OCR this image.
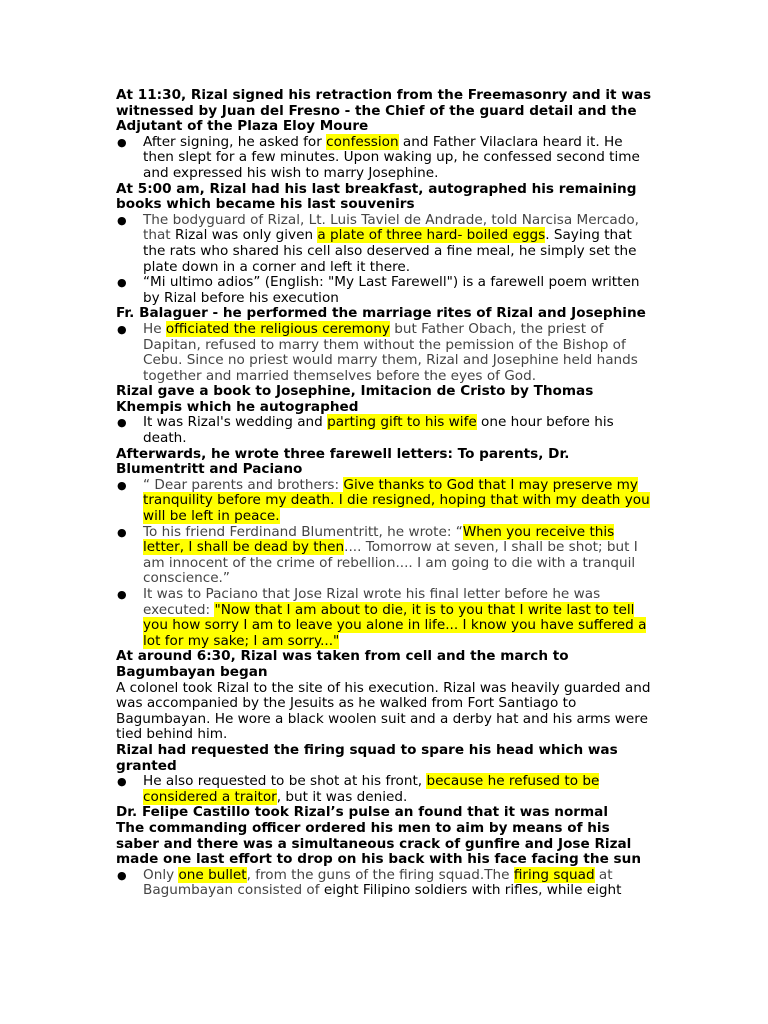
At 11:30, Rizal signed his retraction from the Freemasonry and it was witnessed by Juan del Fresno - the Chief of the guard detail and the Adjutant of the Plaza Eloy Moure

● After signing, he asked for confession and Father Vilaclara heard it. He then slept for a few minutes. Upon waking up, he confessed second time and expressed his wish to marry Josephine.

At 5:00 am, Rizal had his last breakfast, autographed his remaining books which became his last souvenirs

● The bodyguard of Rizal, Lt. Luis Taviel de Andrade, told Narcisa Mercado, that Rizal was only given a plate of three hard- boiled eggs. Saying that the rats who shared his cell also deserved a fine meal, he simply set the plate down in a corner and left it there.
● “Mi ultimo adios” (English: "My Last Farewell") is a farewell poem written by Rizal before his execution

Fr. Balaguer - he performed the marriage rites of Rizal and Josephine

● He officiated the religious ceremony but Father Obach, the priest of Dapitan, refused to marry them without the pemission of the Bishop of Cebu. Since no priest would marry them, Rizal and Josephine held hands together and married themselves before the eyes of God.

Rizal gave a book to Josephine, Imitacion de Cristo by Thomas Khempis which he autographed

● It was Rizal's wedding and parting gift to his wife one hour before his death.

Afterwards, he wrote three farewell letters: To parents, Dr. Blumentritt and Paciano

● “ Dear parents and brothers: Give thanks to God that I may preserve my tranquility before my death. I die resigned, hoping that with my death you will be left in peace.
● To his friend Ferdinand Blumentritt, he wrote: “When you receive this letter, I shall be dead by then.... Tomorrow at seven, I shall be shot; but I am innocent of the crime of rebellion.... I am going to die with a tranquil conscience.”
● It was to Paciano that Jose Rizal wrote his final letter before he was executed: "Now that I am about to die, it is to you that I write last to tell you how sorry I am to leave you alone in life... I know you have suffered a lot for my sake; I am sorry..."

At around 6:30, Rizal was taken from cell and the march to Bagumbayan began

A colonel took Rizal to the site of his execution. Rizal was heavily guarded and was accompanied by the Jesuits as he walked from Fort Santiago to Bagumbayan. He wore a black woolen suit and a derby hat and his arms were tied behind him.

Rizal had requested the firing squad to spare his head which was granted

● He also requested to be shot at his front, because he refused to be considered a traitor, but it was denied.

Dr. Felipe Castillo took Rizal’s pulse an found that it was normal

The commanding officer ordered his men to aim by means of his saber and there was a simultaneous crack of gunfire and Jose Rizal made one last effort to drop on his back with his face facing the sun

● Only one bullet, from the guns of the firing squad.The firing squad at Bagumbayan consisted of eight Filipino soldiers with rifles, while eight
